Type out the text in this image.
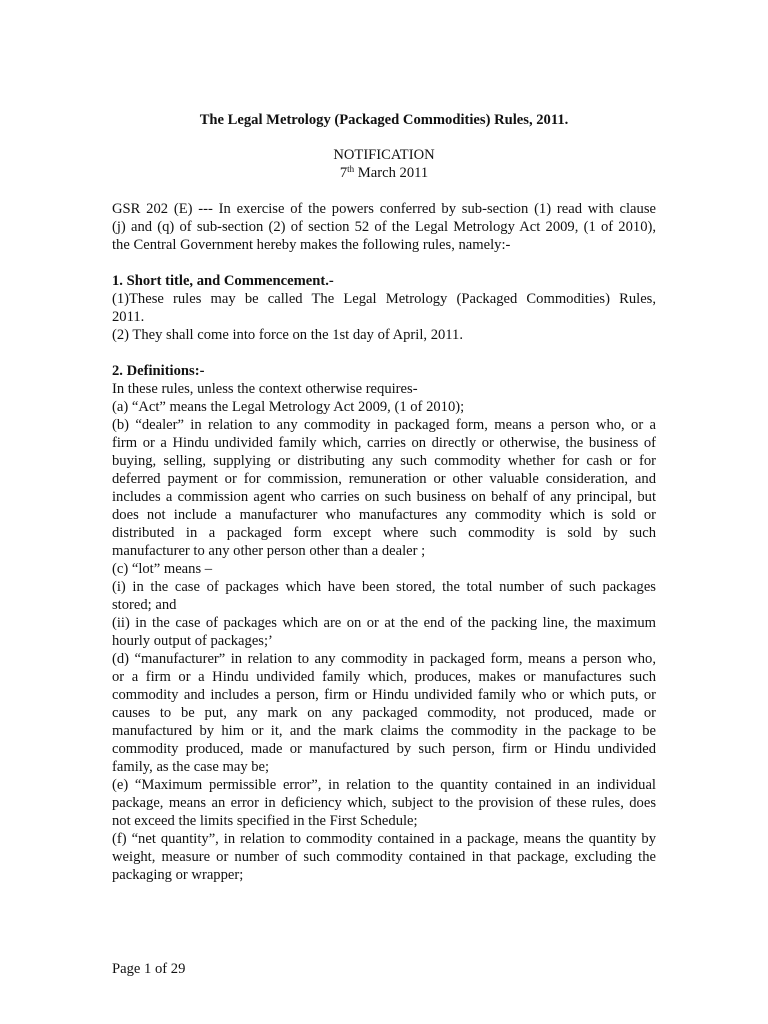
The Legal Metrology (Packaged Commodities) Rules, 2011.
NOTIFICATION
7th March 2011
GSR 202 (E) --- In exercise of the powers conferred by sub-section (1) read with clause
(j) and (q) of sub-section (2) of section 52 of the Legal Metrology Act 2009, (1 of 2010),
the Central Government hereby makes the following rules, namely:-
1. Short title, and Commencement.-
(1)These rules may be called The Legal Metrology (Packaged Commodities) Rules,
2011.
(2) They shall come into force on the 1st day of April, 2011.
2. Definitions:-
In these rules, unless the context otherwise requires-
(a) “Act” means the Legal Metrology Act 2009, (1 of 2010);
(b) “dealer” in relation to any commodity in packaged form, means a person who, or a
firm or a Hindu undivided family which, carries on directly or otherwise, the business of
buying, selling, supplying or distributing any such commodity whether for cash or for
deferred payment or for commission, remuneration or other valuable consideration, and
includes a commission agent who carries on such business on behalf of any principal, but
does not include a manufacturer who manufactures any commodity which is sold or
distributed in a packaged form except where such commodity is sold by such
manufacturer to any other person other than a dealer ;
(c) “lot” means –
(i) in the case of packages which have been stored, the total number of such packages
stored; and
(ii) in the case of packages which are on or at the end of the packing line, the maximum
hourly output of packages;’
(d) “manufacturer” in relation to any commodity in packaged form, means a person who,
or a firm or a Hindu undivided family which, produces, makes or manufactures such
commodity and includes a person, firm or Hindu undivided family who or which puts, or
causes to be put, any mark on any packaged commodity, not produced, made or
manufactured by him or it, and the mark claims the commodity in the package to be
commodity produced, made or manufactured by such person, firm or Hindu undivided
family, as the case may be;
(e) “Maximum permissible error”, in relation to the quantity contained in an individual
package, means an error in deficiency which, subject to the provision of these rules, does
not exceed the limits specified in the First Schedule;
(f) “net quantity”, in relation to commodity contained in a package, means the quantity by
weight, measure or number of such commodity contained in that package, excluding the
packaging or wrapper;
Page 1 of 29
